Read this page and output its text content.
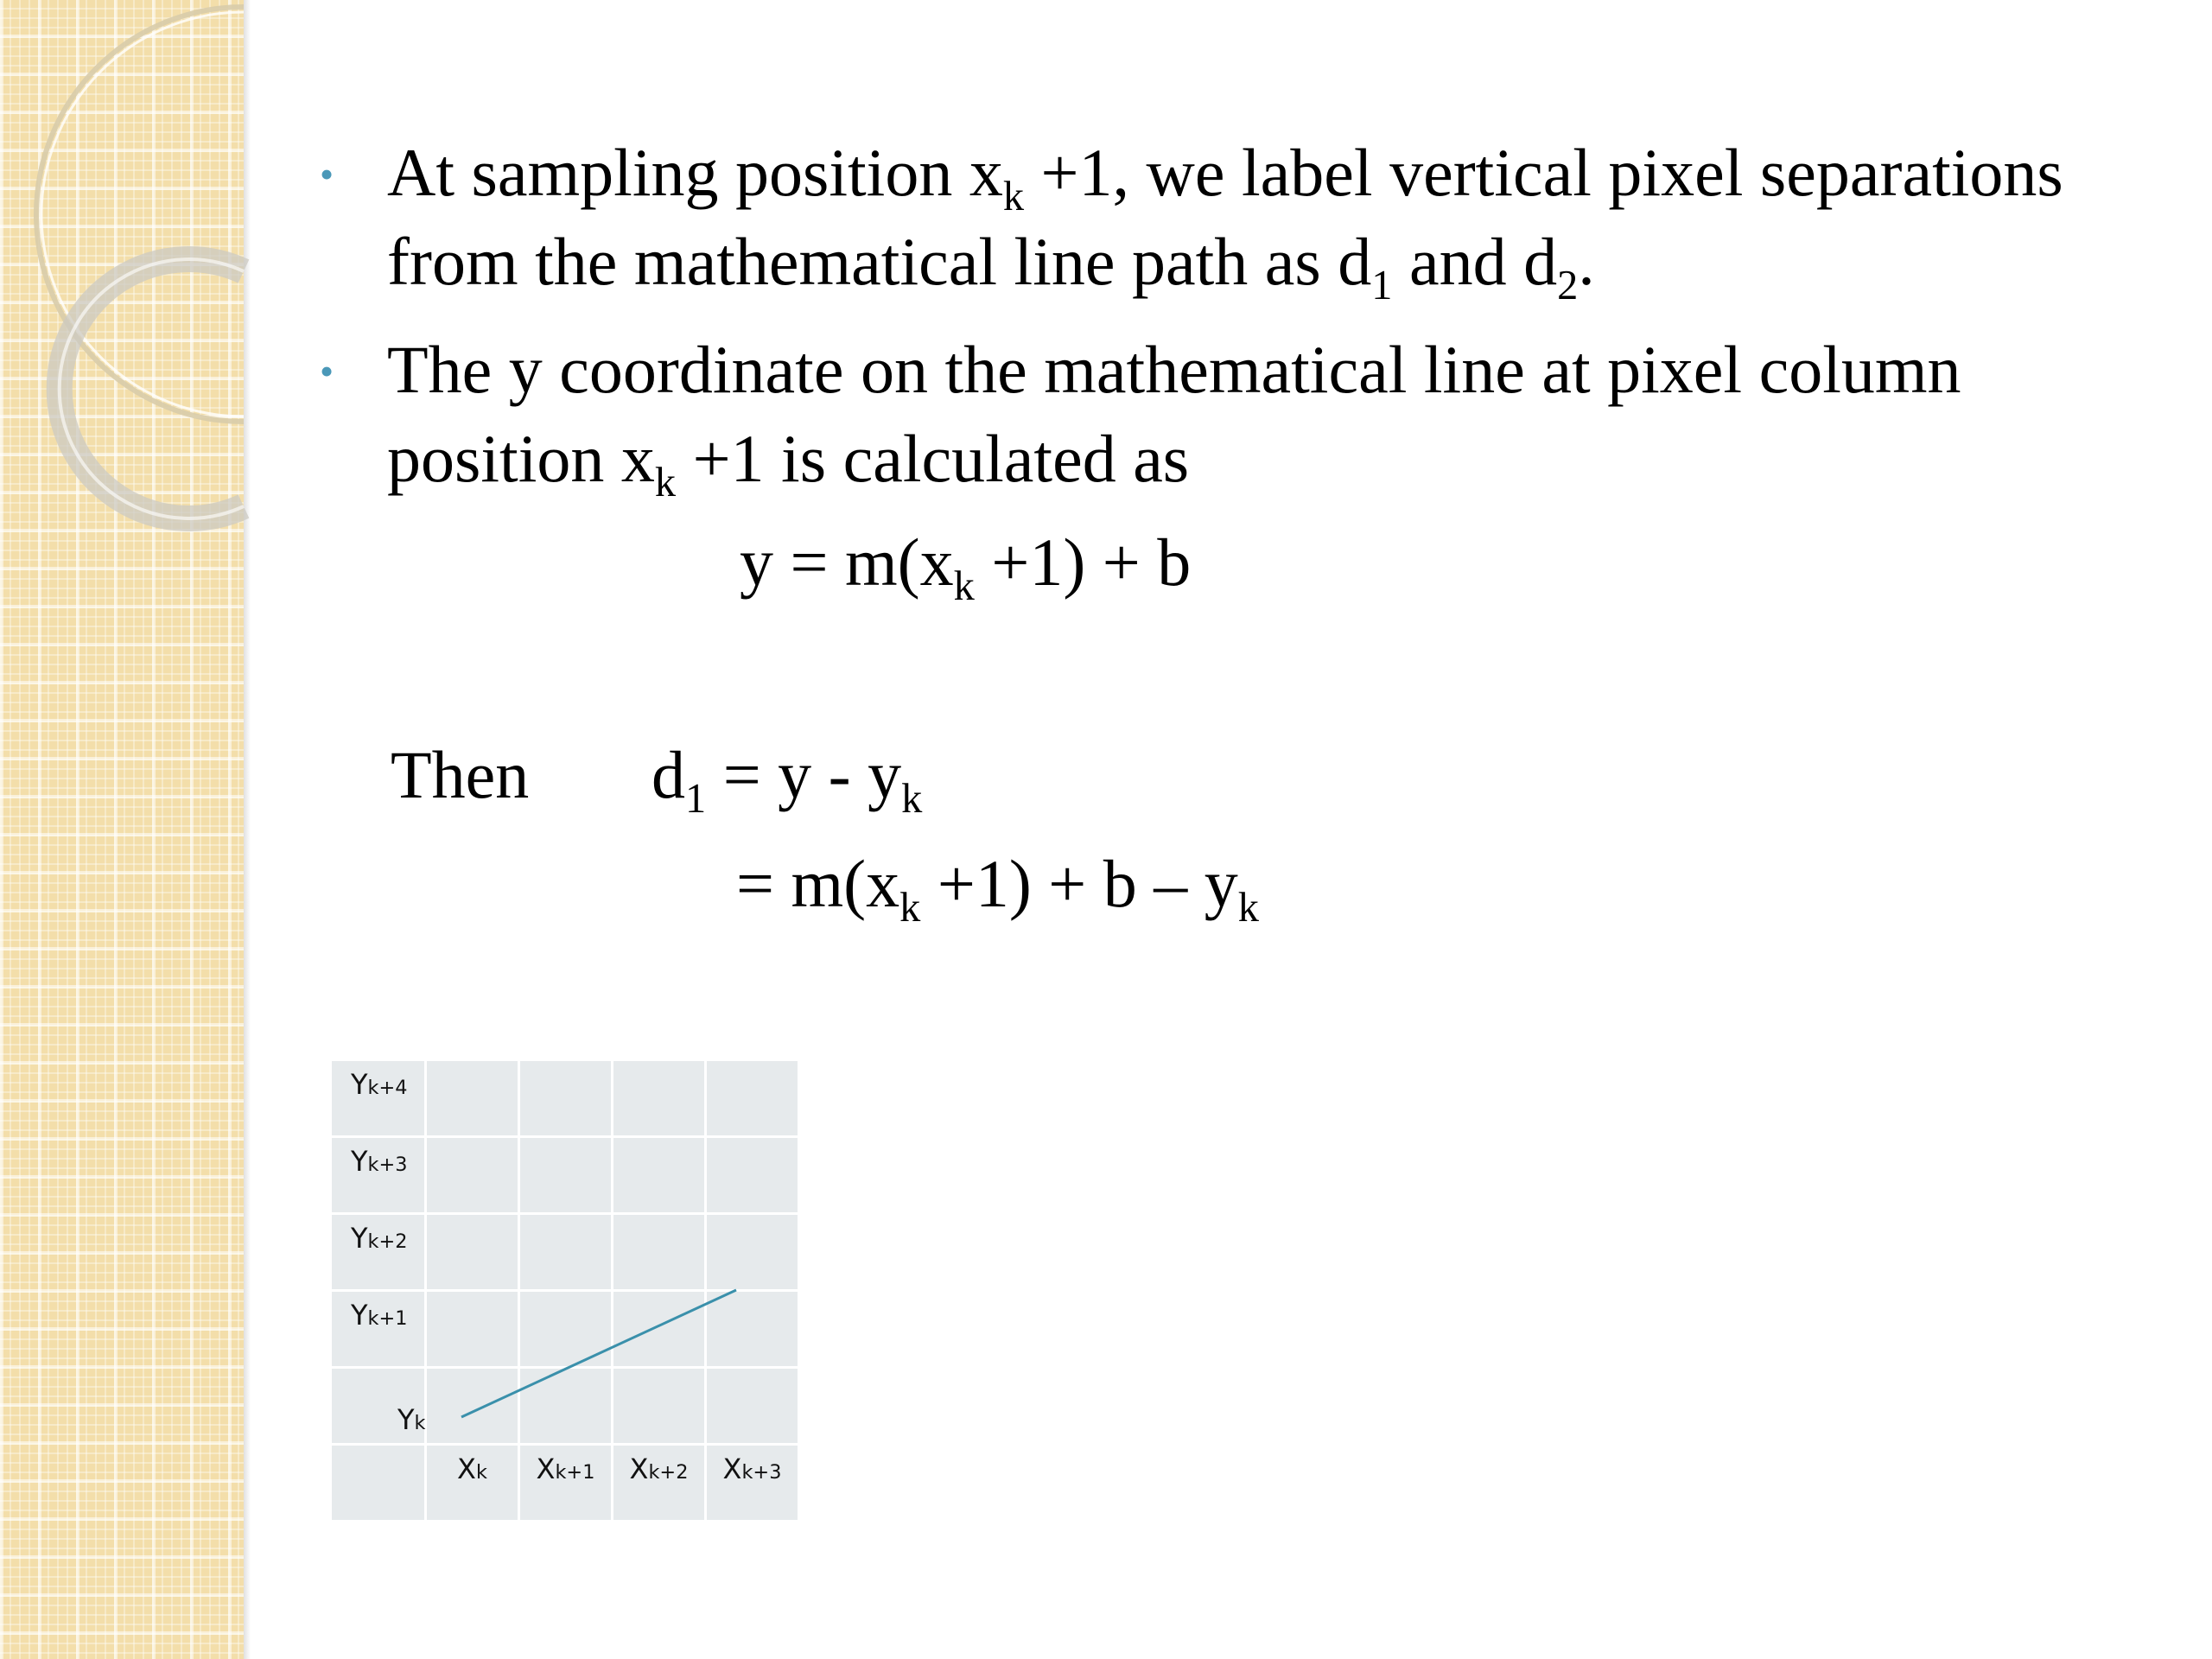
• At sampling position $x_k +1$, we label vertical pixel separations from the mathematical line path as $d_1$ and $d_2$.
• The y coordinate on the mathematical line at pixel column position $x_k +1$ is calculated as
$y = m(x_k +1) + b$
Then $d_1 = y - y_k$
= $m(x_k +1) + b - y_k$
Yk+4
Yk+3
Yk+2
Yk+1
Yk
Xk Xk+1 Xk+2 Xk+3
